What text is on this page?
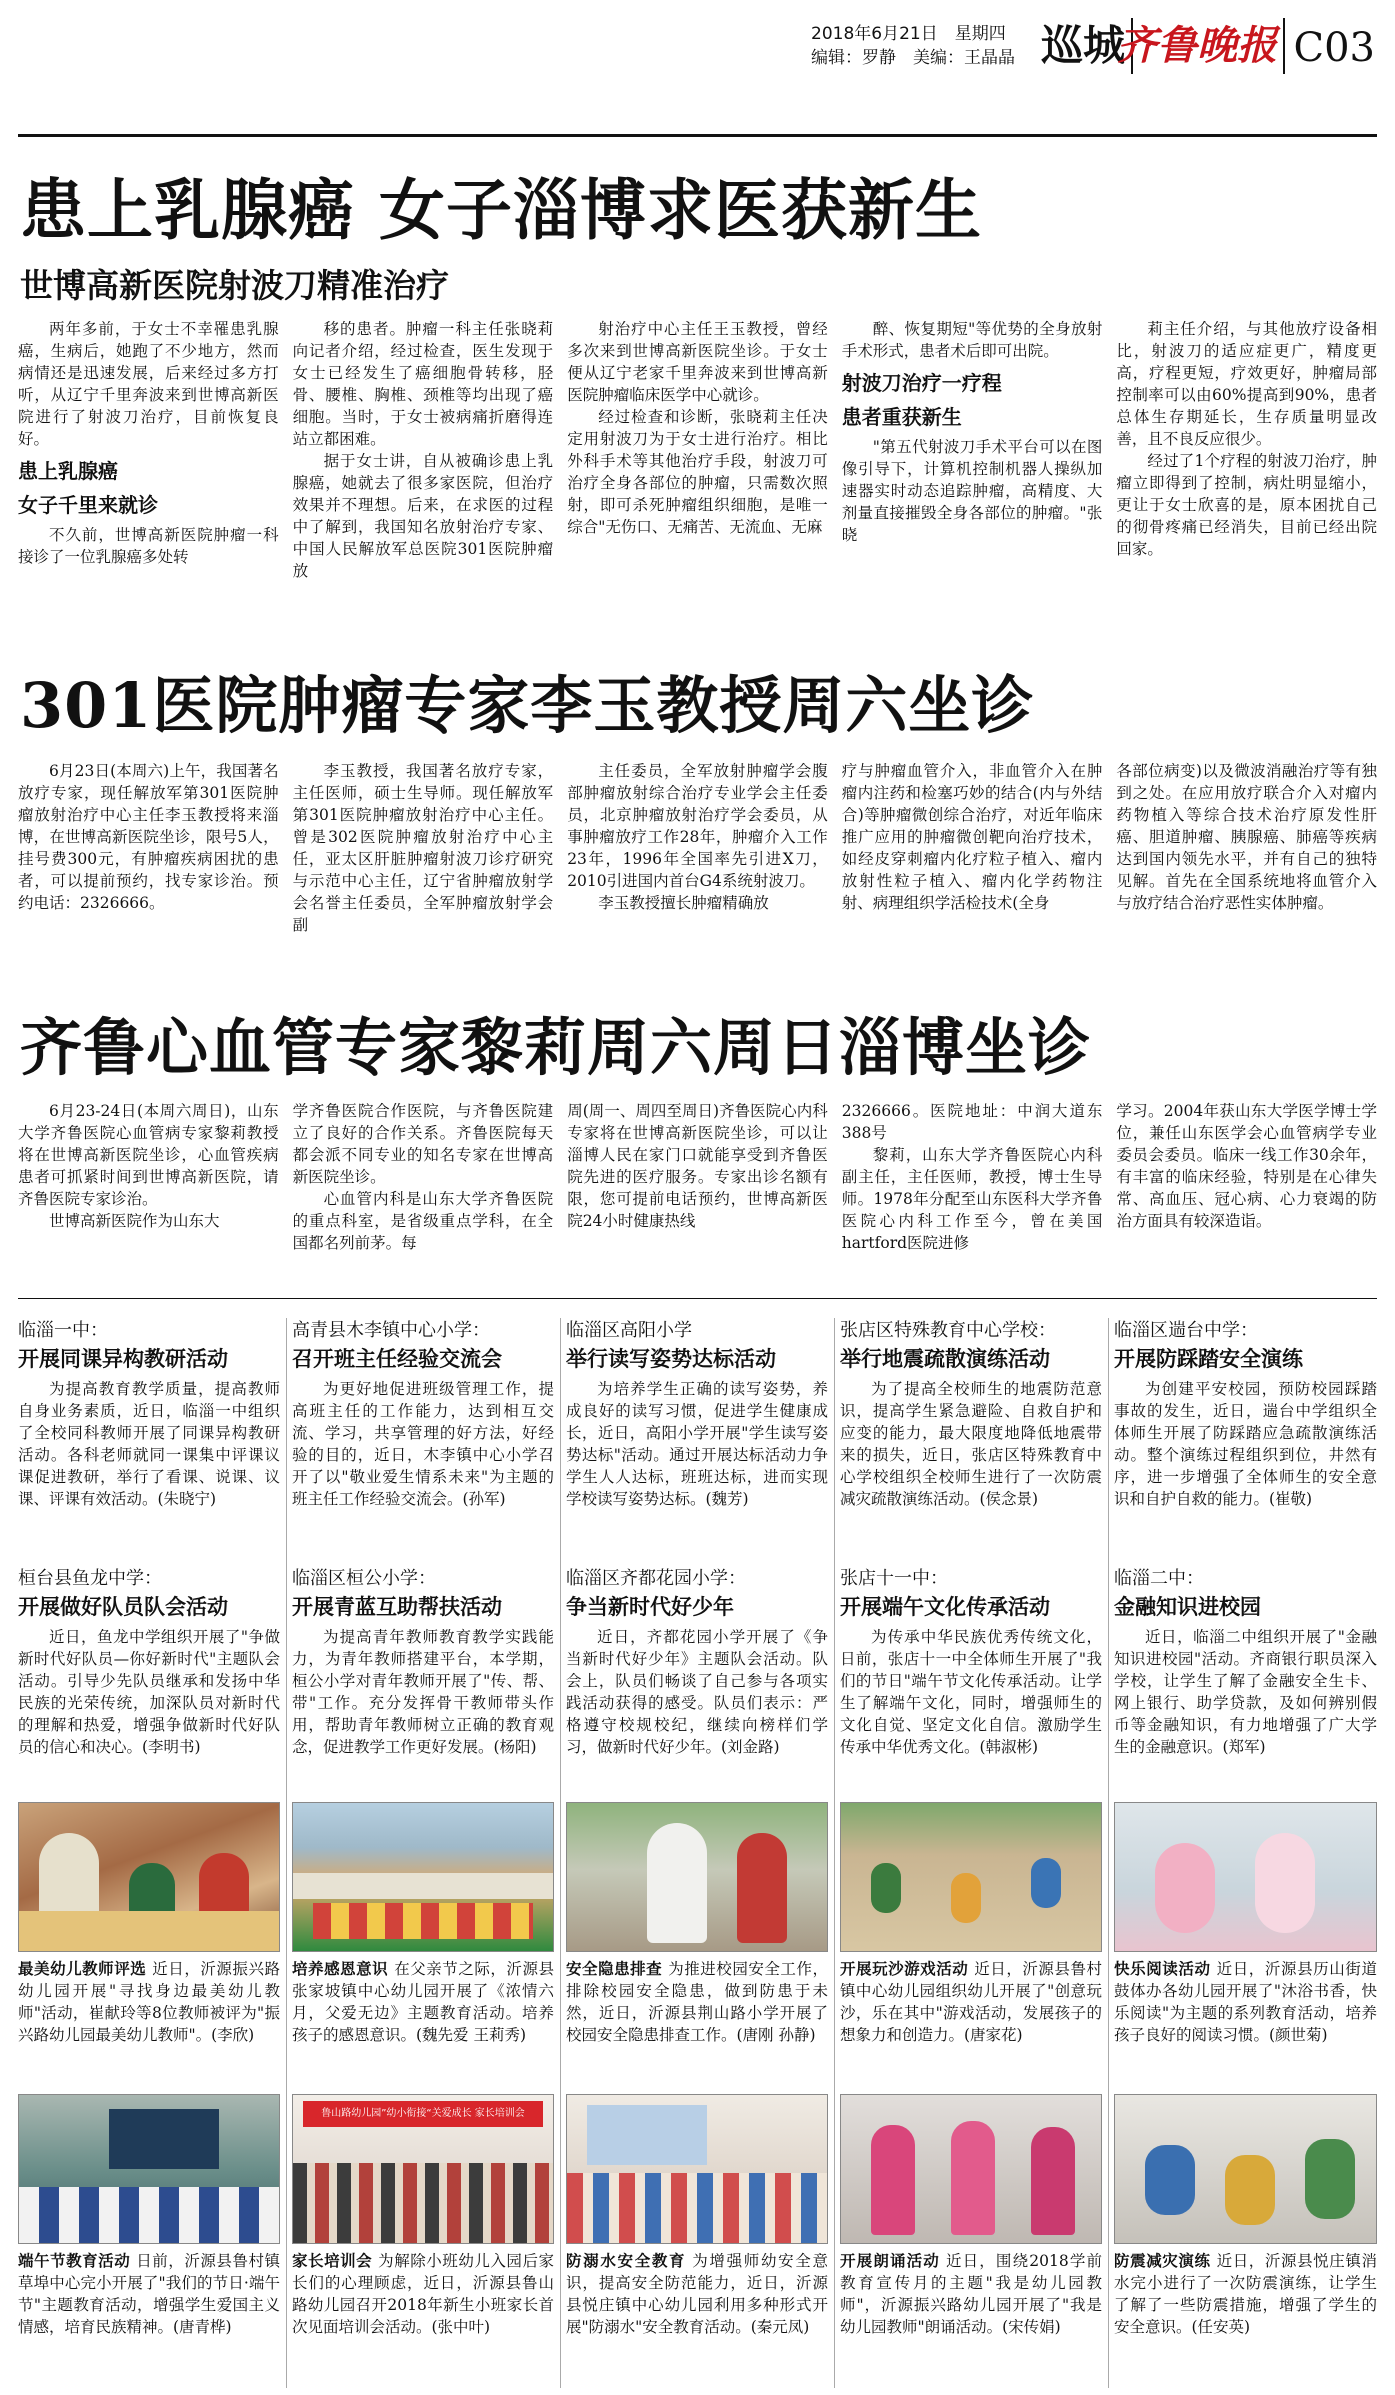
2018年6月21日　星期四
编辑：罗静　美编：王晶晶 巡城
齐鲁晚报 C03
患上乳腺癌 女子淄博求医获新生
世博高新医院射波刀精准治疗

两年多前，于女士不幸罹患乳腺癌，生病后，她跑了不少地方，然而病情还是迅速发展，后来经过多方打听，从辽宁千里奔波来到世博高新医院进行了射波刀治疗，目前恢复良好。

患上乳腺癌

女子千里来就诊

不久前，世博高新医院肿瘤一科接诊了一位乳腺癌多处转

移的患者。肿瘤一科主任张晓莉向记者介绍，经过检查，医生发现于女士已经发生了癌细胞骨转移，胫骨、腰椎、胸椎、颈椎等均出现了癌细胞。当时，于女士被病痛折磨得连站立都困难。

据于女士讲，自从被确诊患上乳腺癌，她就去了很多家医院，但治疗效果并不理想。后来，在求医的过程中了解到，我国知名放射治疗专家、中国人民解放军总医院301医院肿瘤放

射治疗中心主任王玉教授，曾经多次来到世博高新医院坐诊。于女士便从辽宁老家千里奔波来到世博高新医院肿瘤临床医学中心就诊。

经过检查和诊断，张晓莉主任决定用射波刀为于女士进行治疗。相比外科手术等其他治疗手段，射波刀可治疗全身各部位的肿瘤，只需数次照射，即可杀死肿瘤组织细胞，是唯一综合"无伤口、无痛苦、无流血、无麻

醉、恢复期短"等优势的全身放射手术形式，患者术后即可出院。

射波刀治疗一疗程

患者重获新生

"第五代射波刀手术平台可以在图像引导下，计算机控制机器人操纵加速器实时动态追踪肿瘤，高精度、大剂量直接摧毁全身各部位的肿瘤。"张晓

莉主任介绍，与其他放疗设备相比，射波刀的适应症更广，精度更高，疗程更短，疗效更好，肿瘤局部控制率可以由60%提高到90%，患者总体生存期延长，生存质量明显改善，且不良反应很少。

经过了1个疗程的射波刀治疗，肿瘤立即得到了控制，病灶明显缩小，更让于女士欣喜的是，原本困扰自己的彻骨疼痛已经消失，目前已经出院回家。

301医院肿瘤专家李玉教授周六坐诊

6月23日(本周六)上午，我国著名放疗专家，现任解放军第301医院肿瘤放射治疗中心主任李玉教授将来淄博，在世博高新医院坐诊，限号5人，挂号费300元，有肿瘤疾病困扰的患者，可以提前预约，找专家诊治。预约电话：2326666。

李玉教授，我国著名放疗专家，主任医师，硕士生导师。现任解放军第301医院肿瘤放射治疗中心主任。曾是302医院肿瘤放射治疗中心主任，亚太区肝脏肿瘤射波刀诊疗研究与示范中心主任，辽宁省肿瘤放射学会名誉主任委员，全军肿瘤放射学会副

主任委员，全军放射肿瘤学会腹部肿瘤放射综合治疗专业学会主任委员，北京肿瘤放射治疗学会委员，从事肿瘤放疗工作28年，肿瘤介入工作23年，1996年全国率先引进X刀，2010引进国内首台G4系统射波刀。

李玉教授擅长肿瘤精确放

疗与肿瘤血管介入，非血管介入在肿瘤内注药和检塞巧妙的结合(内与外结合)等肿瘤微创综合治疗，对近年临床推广应用的肿瘤微创靶向治疗技术，如经皮穿刺瘤内化疗粒子植入、瘤内放射性粒子植入、瘤内化学药物注射、病理组织学活检技术(全身

各部位病变)以及微波消融治疗等有独到之处。在应用放疗联合介入对瘤内药物植入等综合技术治疗原发性肝癌、胆道肿瘤、胰腺癌、肺癌等疾病达到国内领先水平，并有自己的独特见解。首先在全国系统地将血管介入与放疗结合治疗恶性实体肿瘤。

齐鲁心血管专家黎莉周六周日淄博坐诊

6月23-24日(本周六周日)，山东大学齐鲁医院心血管病专家黎莉教授将在世博高新医院坐诊，心血管疾病患者可抓紧时间到世博高新医院，请齐鲁医院专家诊治。

世博高新医院作为山东大

学齐鲁医院合作医院，与齐鲁医院建立了良好的合作关系。齐鲁医院每天都会派不同专业的知名专家在世博高新医院坐诊。

心血管内科是山东大学齐鲁医院的重点科室，是省级重点学科，在全国都名列前茅。每

周(周一、周四至周日)齐鲁医院心内科专家将在世博高新医院坐诊，可以让淄博人民在家门口就能享受到齐鲁医院先进的医疗服务。专家出诊名额有限，您可提前电话预约，世博高新医院24小时健康热线

2326666。医院地址：中润大道东388号

黎莉，山东大学齐鲁医院心内科副主任，主任医师，教授，博士生导师。1978年分配至山东医科大学齐鲁医院心内科工作至今，曾在美国hartford医院进修

学习。2004年获山东大学医学博士学位，兼任山东医学会心血管病学专业委员会委员。临床一线工作30余年，有丰富的临床经验，特别是在心律失常、高血压、冠心病、心力衰竭的防治方面具有较深造诣。

临淄一中：
开展同课异构教研活动
为提高教育教学质量，提高教师自身业务素质，近日，临淄一中组织了全校同科教师开展了同课异构教研活动。各科老师就同一课集中评课议课促进教研，举行了看课、说课、议课、评课有效活动。(朱晓宁)
高青县木李镇中心小学：
召开班主任经验交流会
为更好地促进班级管理工作，提高班主任的工作能力，达到相互交流、学习，共享管理的好方法，好经验的目的，近日，木李镇中心小学召开了以"敬业爱生情系未来"为主题的班主任工作经验交流会。(孙军)
临淄区高阳小学
举行读写姿势达标活动
为培养学生正确的读写姿势，养成良好的读写习惯，促进学生健康成长，近日，高阳小学开展"学生读写姿势达标"活动。通过开展达标活动力争学生人人达标，班班达标，进而实现学校读写姿势达标。(魏芳)
张店区特殊教育中心学校：
举行地震疏散演练活动
为了提高全校师生的地震防范意识，提高学生紧急避险、自救自护和应变的能力，最大限度地降低地震带来的损失，近日，张店区特殊教育中心学校组织全校师生进行了一次防震减灾疏散演练活动。(侯念景)
临淄区遄台中学：
开展防踩踏安全演练
为创建平安校园，预防校园踩踏事故的发生，近日，遄台中学组织全体师生开展了防踩踏应急疏散演练活动。整个演练过程组织到位，井然有序，进一步增强了全体师生的安全意识和自护自救的能力。(崔敬)
桓台县鱼龙中学：
开展做好队员队会活动
近日，鱼龙中学组织开展了"争做新时代好队员—你好新时代"主题队会活动。引导少先队员继承和发扬中华民族的光荣传统，加深队员对新时代的理解和热爱，增强争做新时代好队员的信心和决心。(李明书)
临淄区桓公小学：
开展青蓝互助帮扶活动
为提高青年教师教育教学实践能力，为青年教师搭建平台，本学期，桓公小学对青年教师开展了"传、帮、带"工作。充分发挥骨干教师带头作用，帮助青年教师树立正确的教育观念，促进教学工作更好发展。(杨阳)
临淄区齐都花园小学：
争当新时代好少年
近日，齐都花园小学开展了《争当新时代好少年》主题队会活动。队会上，队员们畅谈了自己参与各项实践活动获得的感受。队员们表示：严格遵守校规校纪，继续向榜样们学习，做新时代好少年。(刘金路)
张店十一中：
开展端午文化传承活动
为传承中华民族优秀传统文化，日前，张店十一中全体师生开展了"我们的节日"端午节文化传承活动。让学生了解端午文化，同时，增强师生的文化自觉、坚定文化自信。激励学生传承中华优秀文化。(韩淑彬)
临淄二中：
金融知识进校园
近日，临淄二中组织开展了"金融知识进校园"活动。齐商银行职员深入学校，让学生了解了金融安全生卡、网上银行、助学贷款，及如何辨别假币等金融知识，有力地增强了广大学生的金融意识。(郑军)
最美幼儿教师评选 近日，沂源振兴路幼儿园开展"寻找身边最美幼儿教师"活动，崔献玲等8位教师被评为"振兴路幼儿园最美幼儿教师"。(李欣)
培养感恩意识 在父亲节之际，沂源县张家坡镇中心幼儿园开展了《浓情六月，父爱无边》主题教育活动。培养孩子的感恩意识。(魏先爱 王莉秀)
安全隐患排查 为推进校园安全工作，排除校园安全隐患，做到防患于未然，近日，沂源县荆山路小学开展了校园安全隐患排查工作。(唐刚 孙静)
开展玩沙游戏活动 近日，沂源县鲁村镇中心幼儿园组织幼儿开展了"创意玩沙，乐在其中"游戏活动，发展孩子的想象力和创造力。(唐家花)
快乐阅读活动 近日，沂源县历山街道鼓体办各幼儿园开展了"沐浴书香，快乐阅读"为主题的系列教育活动，培养孩子良好的阅读习惯。(颜世菊)
端午节教育活动 日前，沂源县鲁村镇草埠中心完小开展了"我们的节日·端午节"主题教育活动，增强学生爱国主义情感，培育民族精神。(唐青桦)
鲁山路幼儿园”幼小衔接“关爱成长 家长培训会
家长培训会 为解除小班幼儿入园后家长们的心理顾虑，近日，沂源县鲁山路幼儿园召开2018年新生小班家长首次见面培训会活动。(张中叶)
防溺水安全教育 为增强师幼安全意识，提高安全防范能力，近日，沂源县悦庄镇中心幼儿园利用多种形式开展"防溺水"安全教育活动。(秦元凤)
开展朗诵活动 近日，围绕2018学前教育宣传月的主题"我是幼儿园教师"，沂源振兴路幼儿园开展了"我是幼儿园教师"朗诵活动。(宋传娟)
防震减灾演练 近日，沂源县悦庄镇消水完小进行了一次防震演练，让学生了解了一些防震措施，增强了学生的安全意识。(任安英)
